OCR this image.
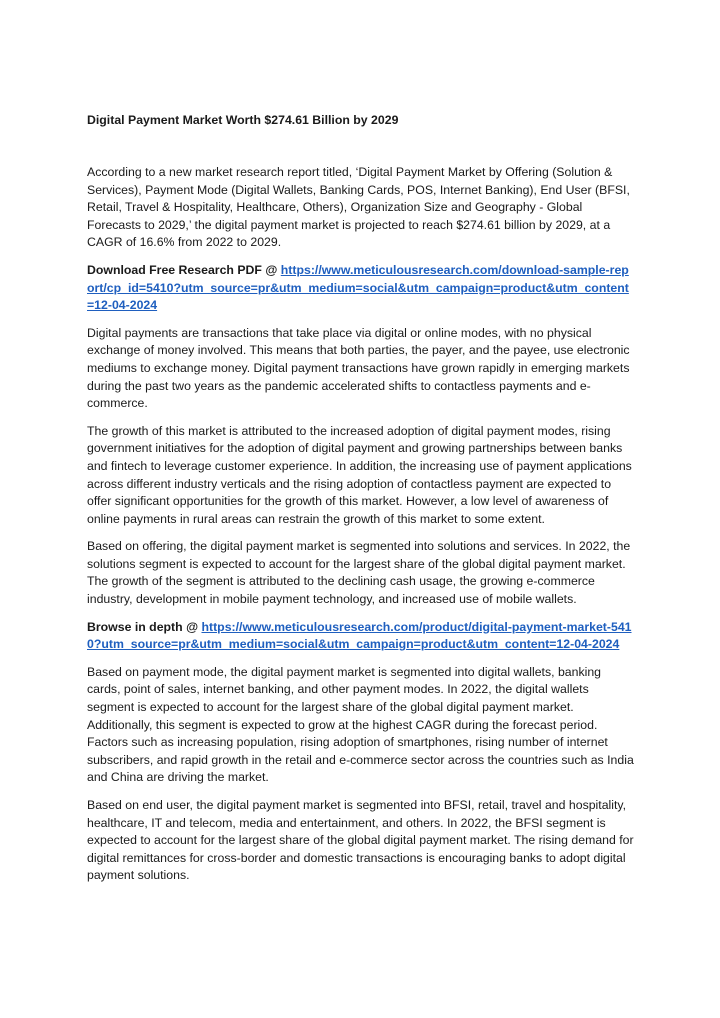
Digital Payment Market Worth $274.61 Billion by 2029

According to a new market research report titled, ‘Digital Payment Market by Offering (Solution & Services), Payment Mode (Digital Wallets, Banking Cards, POS, Internet Banking), End User (BFSI, Retail, Travel & Hospitality, Healthcare, Others), Organization Size and Geography - Global Forecasts to 2029,’ the digital payment market is projected to reach $274.61 billion by 2029, at a CAGR of 16.6% from 2022 to 2029.

Download Free Research PDF @ https://www.meticulousresearch.com/download-sample-report/cp_id=5410?utm_source=pr&utm_medium=social&utm_campaign=product&utm_content=12-04-2024

Digital payments are transactions that take place via digital or online modes, with no physical exchange of money involved. This means that both parties, the payer, and the payee, use electronic mediums to exchange money. Digital payment transactions have grown rapidly in emerging markets during the past two years as the pandemic accelerated shifts to contactless payments and e-commerce.

The growth of this market is attributed to the increased adoption of digital payment modes, rising government initiatives for the adoption of digital payment and growing partnerships between banks and fintech to leverage customer experience. In addition, the increasing use of payment applications across different industry verticals and the rising adoption of contactless payment are expected to offer significant opportunities for the growth of this market. However, a low level of awareness of online payments in rural areas can restrain the growth of this market to some extent.

Based on offering, the digital payment market is segmented into solutions and services. In 2022, the solutions segment is expected to account for the largest share of the global digital payment market. The growth of the segment is attributed to the declining cash usage, the growing e-commerce industry, development in mobile payment technology, and increased use of mobile wallets.

Browse in depth @ https://www.meticulousresearch.com/product/digital-payment-market-5410?utm_source=pr&utm_medium=social&utm_campaign=product&utm_content=12-04-2024

Based on payment mode, the digital payment market is segmented into digital wallets, banking cards, point of sales, internet banking, and other payment modes. In 2022, the digital wallets segment is expected to account for the largest share of the global digital payment market. Additionally, this segment is expected to grow at the highest CAGR during the forecast period. Factors such as increasing population, rising adoption of smartphones, rising number of internet subscribers, and rapid growth in the retail and e-commerce sector across the countries such as India and China are driving the market.

Based on end user, the digital payment market is segmented into BFSI, retail, travel and hospitality, healthcare, IT and telecom, media and entertainment, and others. In 2022, the BFSI segment is expected to account for the largest share of the global digital payment market. The rising demand for digital remittances for cross-border and domestic transactions is encouraging banks to adopt digital payment solutions.
